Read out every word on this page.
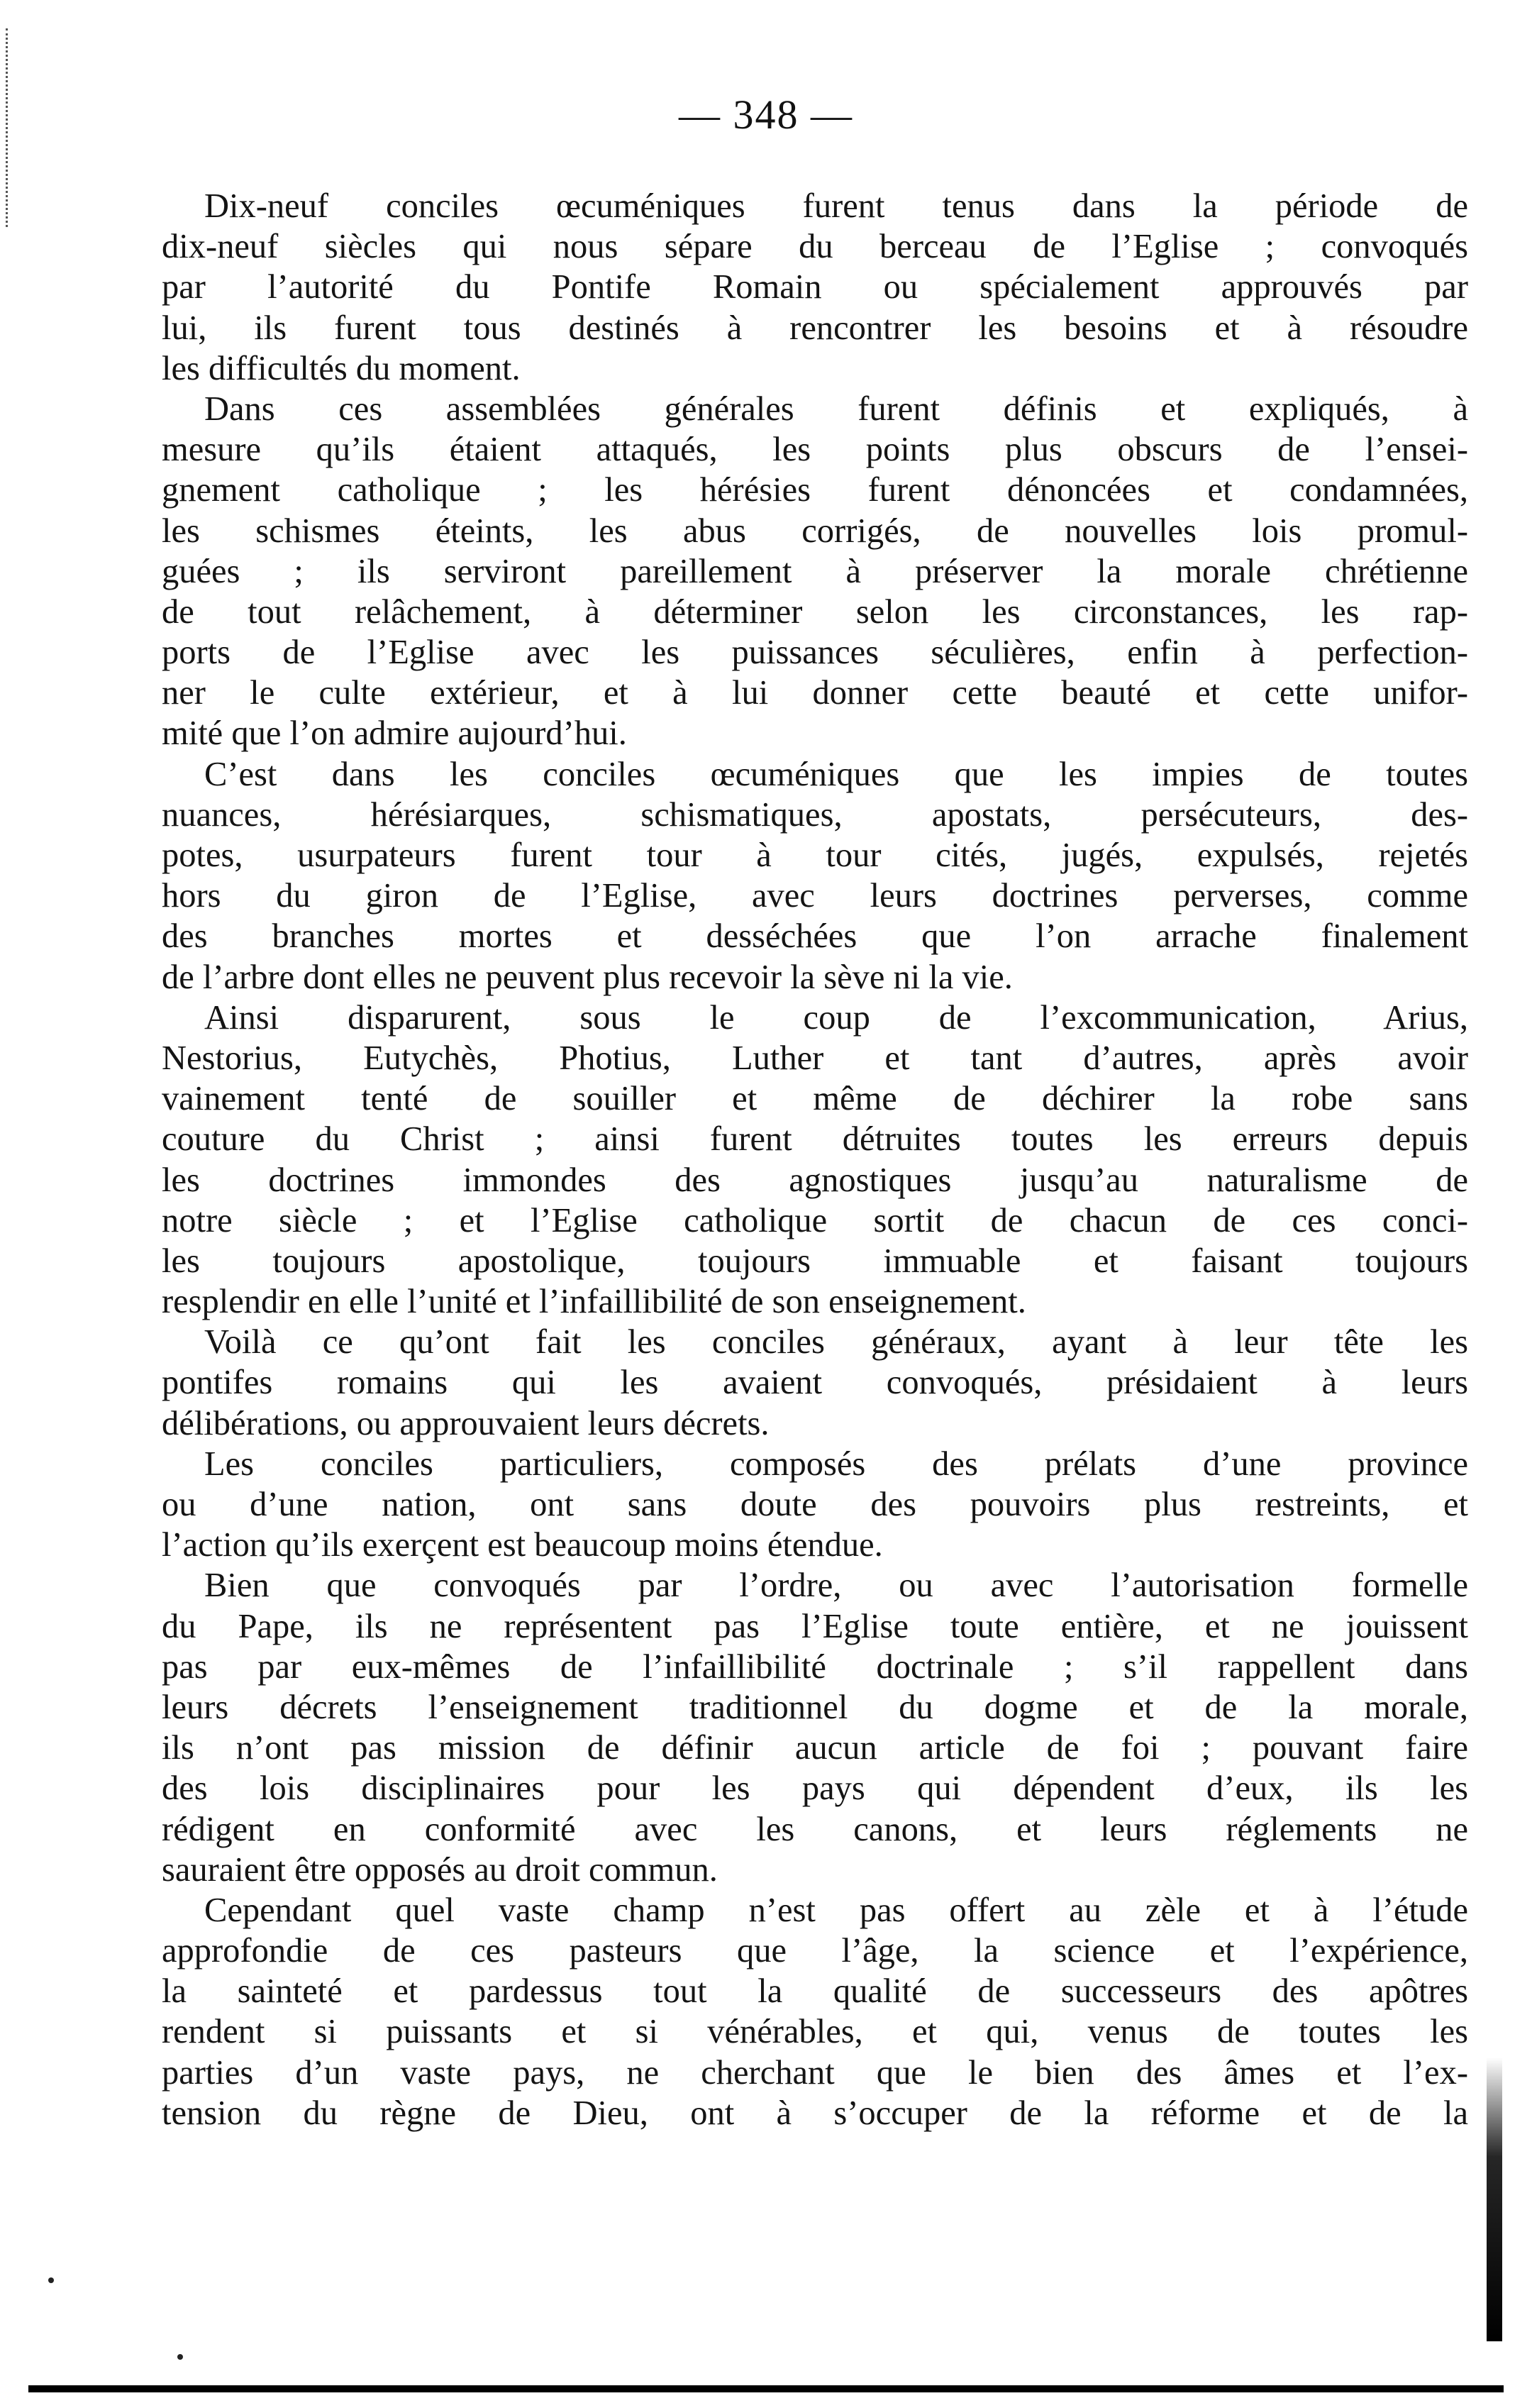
— 348 —
Dix-neuf conciles œcuméniques furent tenus dans la période de
dix-neuf siècles qui nous sépare du berceau de l’Eglise ; convoqués
par l’autorité du Pontife Romain ou spécialement approuvés par
lui, ils furent tous destinés à rencontrer les besoins et à résoudre
les difficultés du moment.
Dans ces assemblées générales furent définis et expliqués, à
mesure qu’ils étaient attaqués, les points plus obscurs de l’ensei-
gnement catholique ; les hérésies furent dénoncées et condamnées,
les schismes éteints, les abus corrigés, de nouvelles lois promul-
guées ; ils serviront pareillement à préserver la morale chrétienne
de tout relâchement, à déterminer selon les circonstances, les rap-
ports de l’Eglise avec les puissances séculières, enfin à perfection-
ner le culte extérieur, et à lui donner cette beauté et cette unifor-
mité que l’on admire aujourd’hui.
C’est dans les conciles œcuméniques que les impies de toutes
nuances, hérésiarques, schismatiques, apostats, persécuteurs, des-
potes, usurpateurs furent tour à tour cités, jugés, expulsés, rejetés
hors du giron de l’Eglise, avec leurs doctrines perverses, comme
des branches mortes et desséchées que l’on arrache finalement
de l’arbre dont elles ne peuvent plus recevoir la sève ni la vie.
Ainsi disparurent, sous le coup de l’excommunication, Arius,
Nestorius, Eutychès, Photius, Luther et tant d’autres, après avoir
vainement tenté de souiller et même de déchirer la robe sans
couture du Christ ; ainsi furent détruites toutes les erreurs depuis
les doctrines immondes des agnostiques jusqu’au naturalisme de
notre siècle ; et l’Eglise catholique sortit de chacun de ces conci-
les toujours apostolique, toujours immuable et faisant toujours
resplendir en elle l’unité et l’infaillibilité de son enseignement.
Voilà ce qu’ont fait les conciles généraux, ayant à leur tête les
pontifes romains qui les avaient convoqués, présidaient à leurs
délibérations, ou approuvaient leurs décrets.
Les conciles particuliers, composés des prélats d’une province
ou d’une nation, ont sans doute des pouvoirs plus restreints, et
l’action qu’ils exerçent est beaucoup moins étendue.
Bien que convoqués par l’ordre, ou avec l’autorisation formelle
du Pape, ils ne représentent pas l’Eglise toute entière, et ne jouissent
pas par eux-mêmes de l’infaillibilité doctrinale ; s’il rappellent dans
leurs décrets l’enseignement traditionnel du dogme et de la morale,
ils n’ont pas mission de définir aucun article de foi ; pouvant faire
des lois disciplinaires pour les pays qui dépendent d’eux, ils les
rédigent en conformité avec les canons, et leurs réglements ne
sauraient être opposés au droit commun.
Cependant quel vaste champ n’est pas offert au zèle et à l’étude
approfondie de ces pasteurs que l’âge, la science et l’expérience,
la sainteté et pardessus tout la qualité de successeurs des apôtres
rendent si puissants et si vénérables, et qui, venus de toutes les
parties d’un vaste pays, ne cherchant que le bien des âmes et l’ex-
tension du règne de Dieu, ont à s’occuper de la réforme et de la
